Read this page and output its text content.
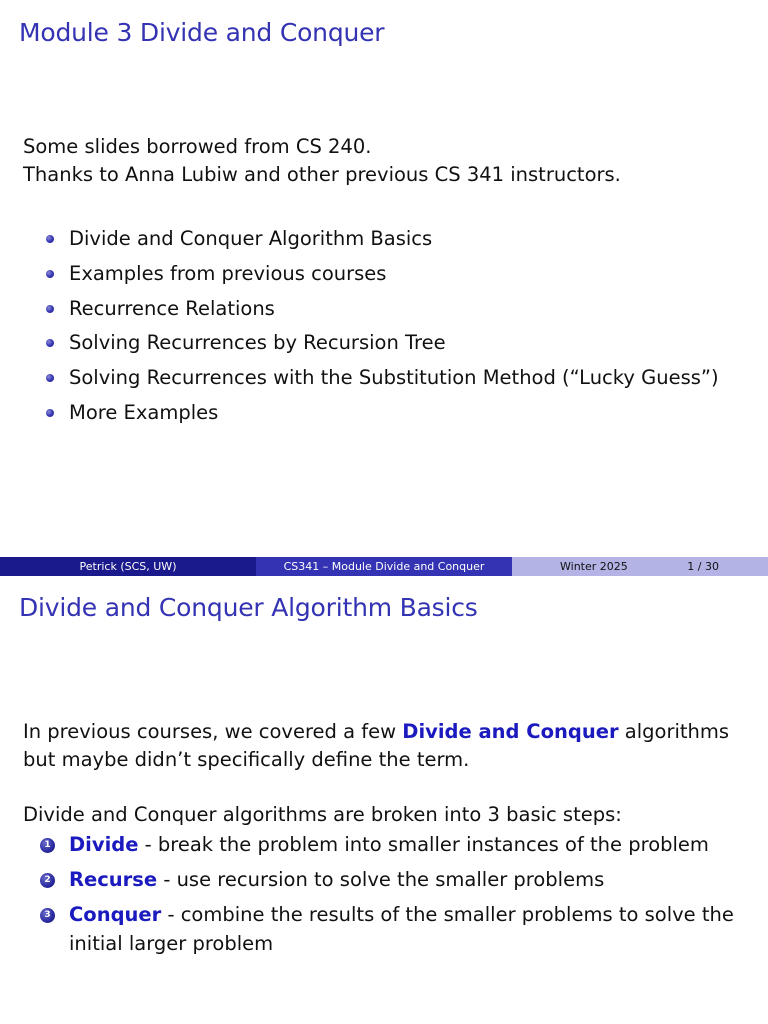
Module 3 Divide and Conquer
Some slides borrowed from CS 240.
Thanks to Anna Lubiw and other previous CS 341 instructors.
Divide and Conquer Algorithm Basics
Examples from previous courses
Recurrence Relations
Solving Recurrences by Recursion Tree
Solving Recurrences with the Substitution Method (“Lucky Guess”)
More Examples
Petrick (SCS, UW)	CS341 – Module Divide and Conquer	Winter 2025	1 / 30
Divide and Conquer Algorithm Basics

In previous courses, we covered a few Divide and Conquer algorithms but maybe didn’t specifically define the term.

Divide and Conquer algorithms are broken into 3 basic steps:

1 Divide - break the problem into smaller instances of the problem
2 Recurse - use recursion to solve the smaller problems
3 Conquer - combine the results of the smaller problems to solve the initial larger problem
